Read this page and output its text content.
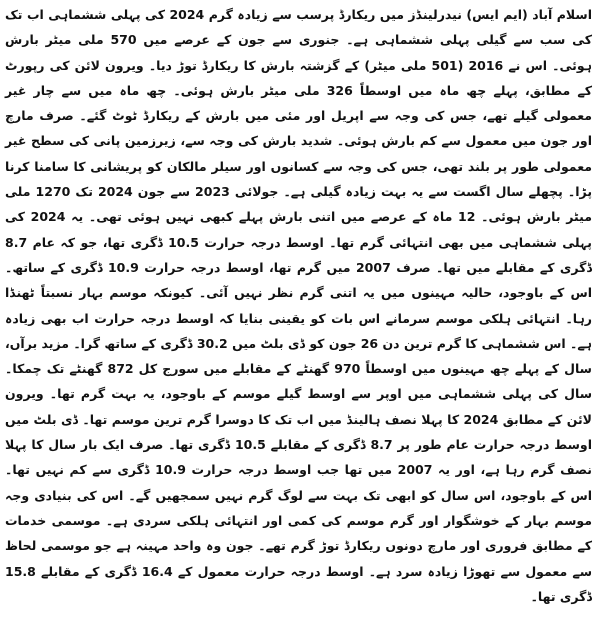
اسلام آباد (ایم ایس) نیدرلینڈز میں ریکارڈ پرسب سے زیادہ گرم 2024 کی پہلی ششماہی اب تک کی سب سے گیلی پہلی ششماہی ہے۔ جنوری سے جون کے عرصے میں 570 ملی میٹر بارش ہوئی۔ اس نے 2016 (501 ملی میٹر) کے گزشتہ بارش کا ریکارڈ توڑ دیا۔ ویرون لائن کی رپورٹ کے مطابق، پہلے چھ ماہ میں اوسطاً 326 ملی میٹر بارش ہوئی۔ چھ ماہ میں سے چار غیر معمولی گیلے تھے، جس کی وجہ سے اپریل اور مئی میں بارش کے ریکارڈ ٹوٹ گئے۔ صرف مارچ اور جون میں معمول سے کم بارش ہوئی۔ شدید بارش کی وجہ سے، زیرزمین پانی کی سطح غیر معمولی طور پر بلند تھی، جس کی وجہ سے کسانوں اور سیلر مالکان کو پریشانی کا سامنا کرنا پڑا۔ پچھلے سال اگست سے یہ بہت زیادہ گیلی ہے۔ جولائی 2023 سے جون 2024 تک 1270 ملی میٹر بارش ہوئی۔ 12 ماہ کے عرصے میں اتنی بارش پہلے کبھی نہیں ہوئی تھی۔ یہ 2024 کی پہلی ششماہی میں بھی انتہائی گرم تھا۔ اوسط درجہ حرارت 10.5 ڈگری تھا، جو کہ عام 8.7 ڈگری کے مقابلے میں تھا۔ صرف 2007 میں گرم تھا، اوسط درجہ حرارت 10.9 ڈگری کے ساتھ۔ اس کے باوجود، حالیہ مہینوں میں یہ اتنی گرم نظر نہیں آئی۔ کیونکہ موسم بہار نسبتاً ٹھنڈا رہا۔ انتہائی ہلکی موسم سرمانے اس بات کو یقینی بنایا کہ اوسط درجہ حرارت اب بھی زیادہ ہے۔ اس ششماہی کا گرم ترین دن 26 جون کو ڈی بلٹ میں 30.2 ڈگری کے ساتھ گرا۔ مزید برآں، سال کے پہلے چھ مہینوں میں اوسطاً 970 گھنٹے کے مقابلے میں سورج کل 872 گھنٹے تک چمکا۔ سال کی پہلی ششماہی میں اوپر سے اوسط گیلے موسم کے باوجود، یہ بہت گرم تھا۔ ویرون لائن کے مطابق 2024 کا پہلا نصف ہالینڈ میں اب تک کا دوسرا گرم ترین موسم تھا۔ ڈی بلٹ میں اوسط درجہ حرارت عام طور پر 8.7 ڈگری کے مقابلے 10.5 ڈگری تھا۔ صرف ایک بار سال کا پہلا نصف گرم رہا ہے، اور یہ 2007 میں تھا جب اوسط درجہ حرارت 10.9 ڈگری سے کم نہیں تھا۔ اس کے باوجود، اس سال کو ابھی تک بہت سے لوگ گرم نہیں سمجھیں گے۔ اس کی بنیادی وجہ موسم بہار کے خوشگوار اور گرم موسم کی کمی اور انتہائی ہلکی سردی ہے۔ موسمی خدمات کے مطابق فروری اور مارچ دونوں ریکارڈ توڑ گرم تھے۔ جون وہ واحد مہینہ ہے جو موسمی لحاظ سے معمول سے تھوڑا زیادہ سرد ہے۔ اوسط درجہ حرارت معمول کے 16.4 ڈگری کے مقابلے 15.8 ڈگری تھا۔
